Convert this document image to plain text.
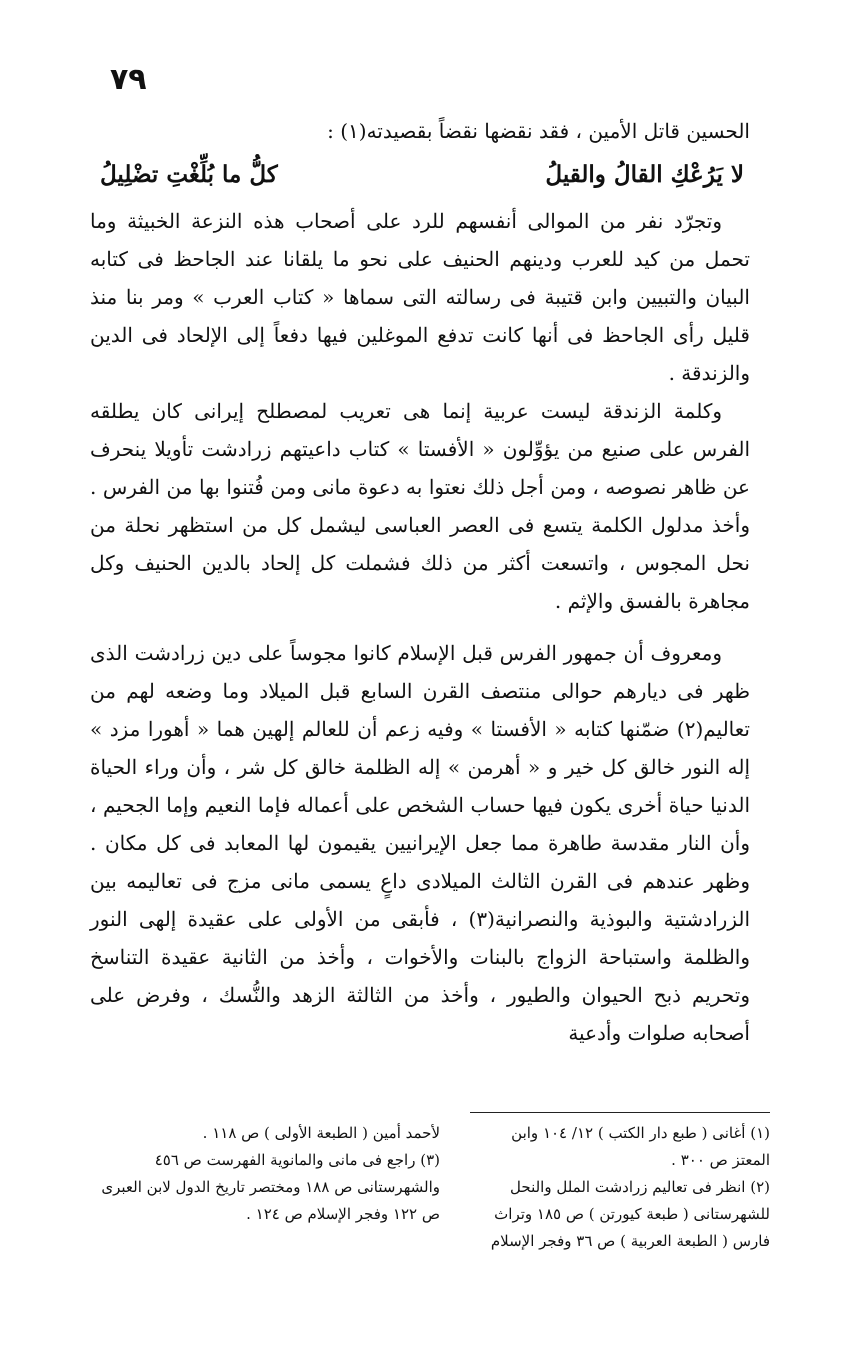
٧٩

الحسين قاتل الأمين ، فقد نقضها نقضاً بقصيدته(١) :

لا يَرُعْكِ القالُ والقيلُ
كلُّ ما بُلِّغْتِ تضْلِيلُ

وتجرّد نفر من الموالى أنفسهم للرد على أصحاب هذه النزعة الخبيثة وما تحمل من كيد للعرب ودينهم الحنيف على نحو ما يلقانا عند الجاحظ فى كتابه البيان والتبيين وابن قتيبة فى رسالته التى سماها « كتاب العرب » ومر بنا منذ قليل رأى الجاحظ فى أنها كانت تدفع الموغلين فيها دفعاً إلى الإلحاد فى الدين والزندقة .

وكلمة الزندقة ليست عربية إنما هى تعريب لمصطلح إيرانى كان يطلقه الفرس على صنيع من يؤوِّلون « الأفستا » كتاب داعيتهم زرادشت تأويلا ينحرف عن ظاهر نصوصه ، ومن أجل ذلك نعتوا به دعوة مانى ومن فُتنوا بها من الفرس . وأخذ مدلول الكلمة يتسع فى العصر العباسى ليشمل كل من استظهر نحلة من نحل المجوس ، واتسعت أكثر من ذلك فشملت كل إلحاد بالدين الحنيف وكل مجاهرة بالفسق والإثم .

ومعروف أن جمهور الفرس قبل الإسلام كانوا مجوساً على دين زرادشت الذى ظهر فى ديارهم حوالى منتصف القرن السابع قبل الميلاد وما وضعه لهم من تعاليم(٢) ضمّنها كتابه « الأفستا » وفيه زعم أن للعالم إلهين هما « أهورا مزد » إله النور خالق كل خير و « أهرمن » إله الظلمة خالق كل شر ، وأن وراء الحياة الدنيا حياة أخرى يكون فيها حساب الشخص على أعماله فإما النعيم وإما الجحيم ، وأن النار مقدسة طاهرة مما جعل الإيرانيين يقيمون لها المعابد فى كل مكان . وظهر عندهم فى القرن الثالث الميلادى داعٍ يسمى مانى مزج فى تعاليمه بين الزرادشتية والبوذية والنصرانية(٣) ، فأبقى من الأولى على عقيدة إلهى النور والظلمة واستباحة الزواج بالبنات والأخوات ، وأخذ من الثانية عقيدة التناسخ وتحريم ذبح الحيوان والطيور ، وأخذ من الثالثة الزهد والنُّسك ، وفرض على أصحابه صلوات وأدعية

(١) أغانى ( طبع دار الكتب ) ١٢/ ١٠٤ وابن المعتز ص ٣٠٠ .

(٢) انظر فى تعاليم زرادشت الملل والنحل للشهرستانى ( طبعة كيورتن ) ص ١٨٥ وتراث فارس ( الطبعة العربية ) ص ٣٦ وفجر الإسلام

لأحمد أمين ( الطبعة الأولى ) ص ١١٨ .

(٣) راجع فى مانى والمانوية الفهرست ص ٤٥٦ والشهرستانى ص ١٨٨ ومختصر تاريخ الدول لابن العبرى ص ١٢٢ وفجر الإسلام ص ١٢٤ .
